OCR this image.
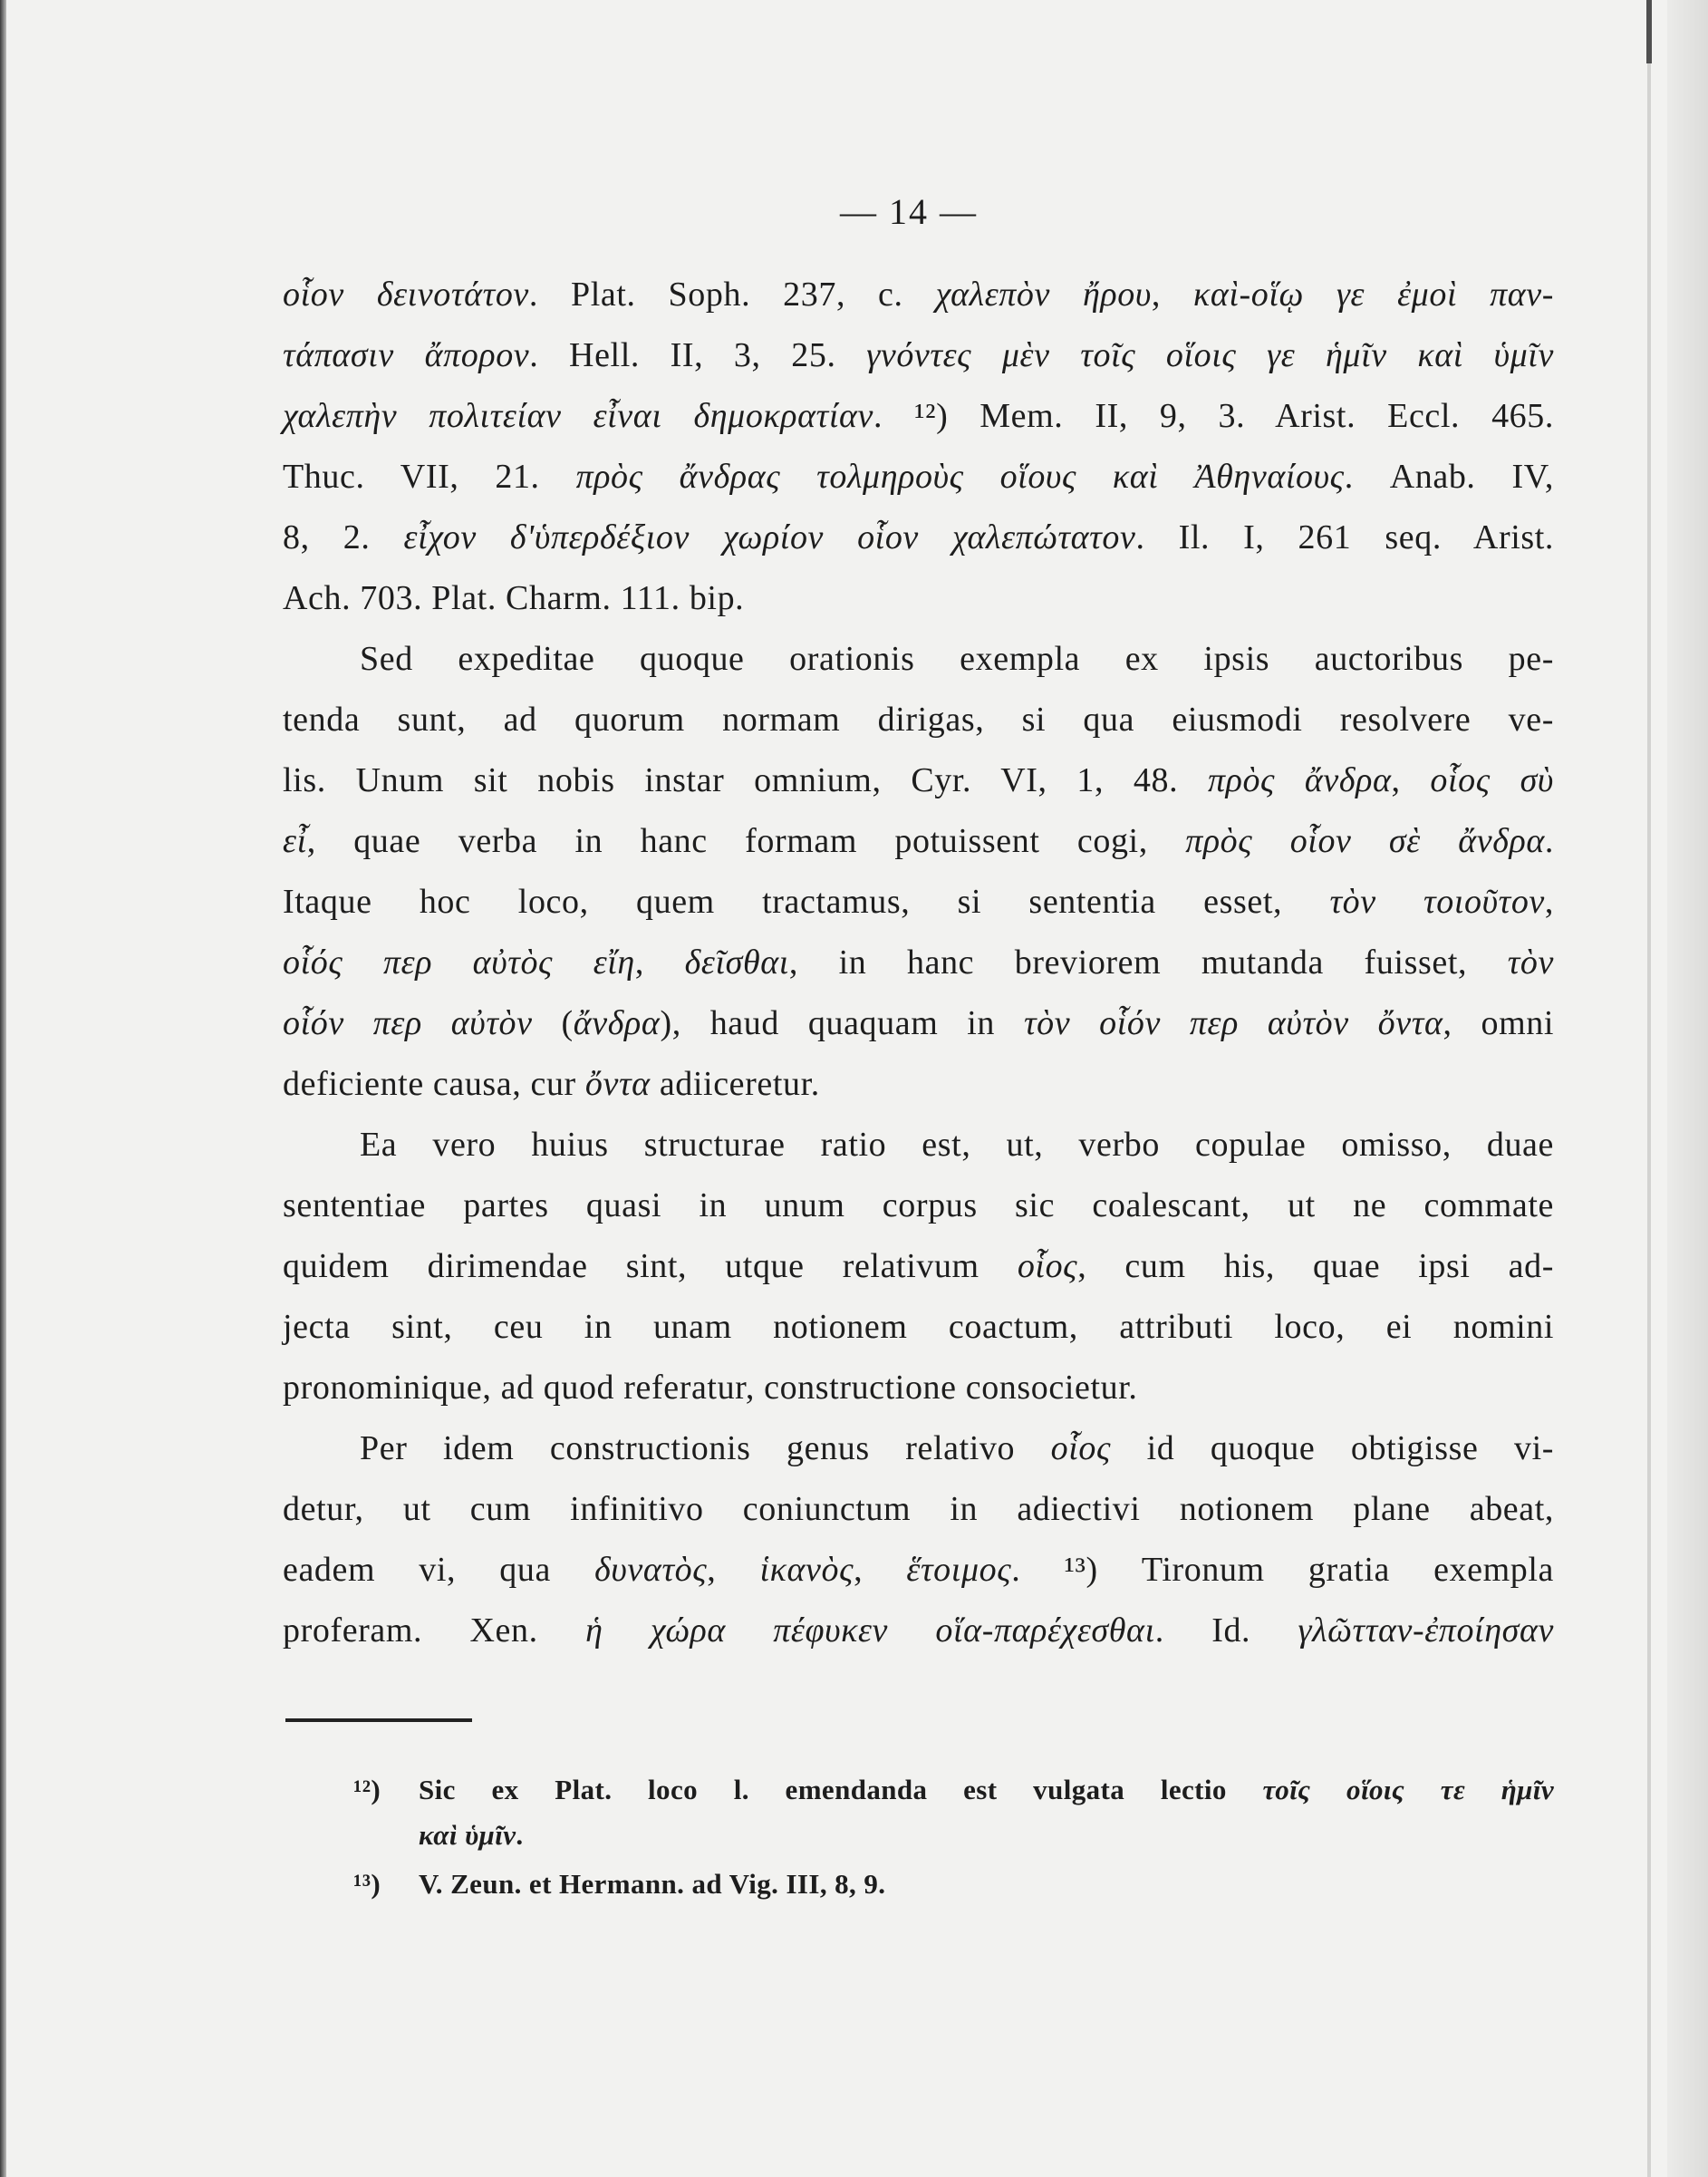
— 14 —
οἷον δεινοτάτον. Plat. Soph. 237, c. χαλεπὸν ἤρου, καὶ-οἵῳ γε ἐμοὶ παν-
τάπασιν ἄπορον. Hell. II, 3, 25. γνόντες μὲν τοῖς οἵοις γε ἡμῖν καὶ ὑμῖν
χαλεπὴν πολιτείαν εἶναι δημοκρατίαν. ¹²) Mem. II, 9, 3. Arist. Eccl. 465.
Thuc. VII, 21. πρὸς ἄνδρας τολμηροὺς οἵους καὶ Ἀθηναίους. Anab. IV,
8, 2. εἶχον δ'ὑπερδέξιον χωρίον οἷον χαλεπώτατον. Il. I, 261 seq. Arist.
Ach. 703. Plat. Charm. 111. bip.
Sed expeditae quoque orationis exempla ex ipsis auctoribus pe-
tenda sunt, ad quorum normam dirigas, si qua eiusmodi resolvere ve-
lis. Unum sit nobis instar omnium, Cyr. VI, 1, 48. πρὸς ἄνδρα, οἷος σὺ
εἶ, quae verba in hanc formam potuissent cogi, πρὸς οἷον σὲ ἄνδρα.
Itaque hoc loco, quem tractamus, si sententia esset, τὸν τοιοῦτον,
οἷός περ αὐτὸς εἴη, δεῖσθαι, in hanc breviorem mutanda fuisset, τὸν
οἷόν περ αὐτὸν (ἄνδρα), haud quaquam in τὸν οἷόν περ αὐτὸν ὄντα, omni
deficiente causa, cur ὄντα adiiceretur.
Ea vero huius structurae ratio est, ut, verbo copulae omisso, duae
sententiae partes quasi in unum corpus sic coalescant, ut ne commate
quidem dirimendae sint, utque relativum οἷος, cum his, quae ipsi ad-
jecta sint, ceu in unam notionem coactum, attributi loco, ei nomini
pronominique, ad quod referatur, constructione consocietur.
Per idem constructionis genus relativo οἷος id quoque obtigisse vi-
detur, ut cum infinitivo coniunctum in adiectivi notionem plane abeat,
eadem vi, qua δυνατὸς, ἱκανὸς, ἕτοιμος. ¹³) Tironum gratia exempla
proferam. Xen. ἡ χώρα πέφυκεν οἵα-παρέχεσθαι. Id. γλῶτταν-ἐποίησαν
¹²) Sic ex Plat. loco l. emendanda est vulgata lectio τοῖς οἵοις τε ἡμῖν
καὶ ὑμῖν.
¹³) V. Zeun. et Hermann. ad Vig. III, 8, 9.
